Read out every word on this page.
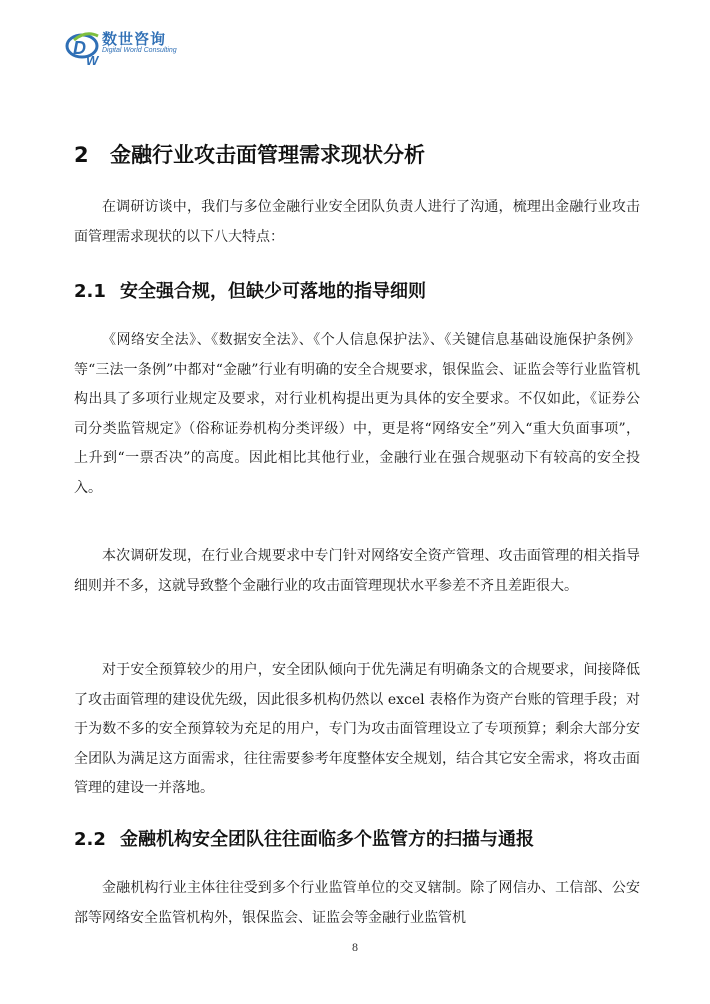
D
W
数世咨询
Digital World Consulting
2 金融行业攻击面管理需求现状分析

在调研访谈中，我们与多位金融行业安全团队负责人进行了沟通，梳理出金融行业攻击面管理需求现状的以下八大特点：

2.1 安全强合规，但缺少可落地的指导细则

《网络安全法》、《数据安全法》、《个人信息保护法》、《关键信息基础设施保护条例》等“三法一条例”中都对“金融”行业有明确的安全合规要求，银保监会、证监会等行业监管机构出具了多项行业规定及要求，对行业机构提出更为具体的安全要求。不仅如此，《证券公司分类监管规定》（俗称证券机构分类评级）中，更是将“网络安全”列入“重大负面事项”，上升到“一票否决”的高度。因此相比其他行业，金融行业在强合规驱动下有较高的安全投入。

本次调研发现，在行业合规要求中专门针对网络安全资产管理、攻击面管理的相关指导细则并不多，这就导致整个金融行业的攻击面管理现状水平参差不齐且差距很大。

对于安全预算较少的用户，安全团队倾向于优先满足有明确条文的合规要求，间接降低了攻击面管理的建设优先级，因此很多机构仍然以 excel 表格作为资产台账的管理手段；对于为数不多的安全预算较为充足的用户，专门为攻击面管理设立了专项预算；剩余大部分安全团队为满足这方面需求，往往需要参考年度整体安全规划，结合其它安全需求，将攻击面管理的建设一并落地。

2.2 金融机构安全团队往往面临多个监管方的扫描与通报

金融机构行业主体往往受到多个行业监管单位的交叉辖制。除了网信办、工信部、公安部等网络安全监管机构外，银保监会、证监会等金融行业监管机

8
